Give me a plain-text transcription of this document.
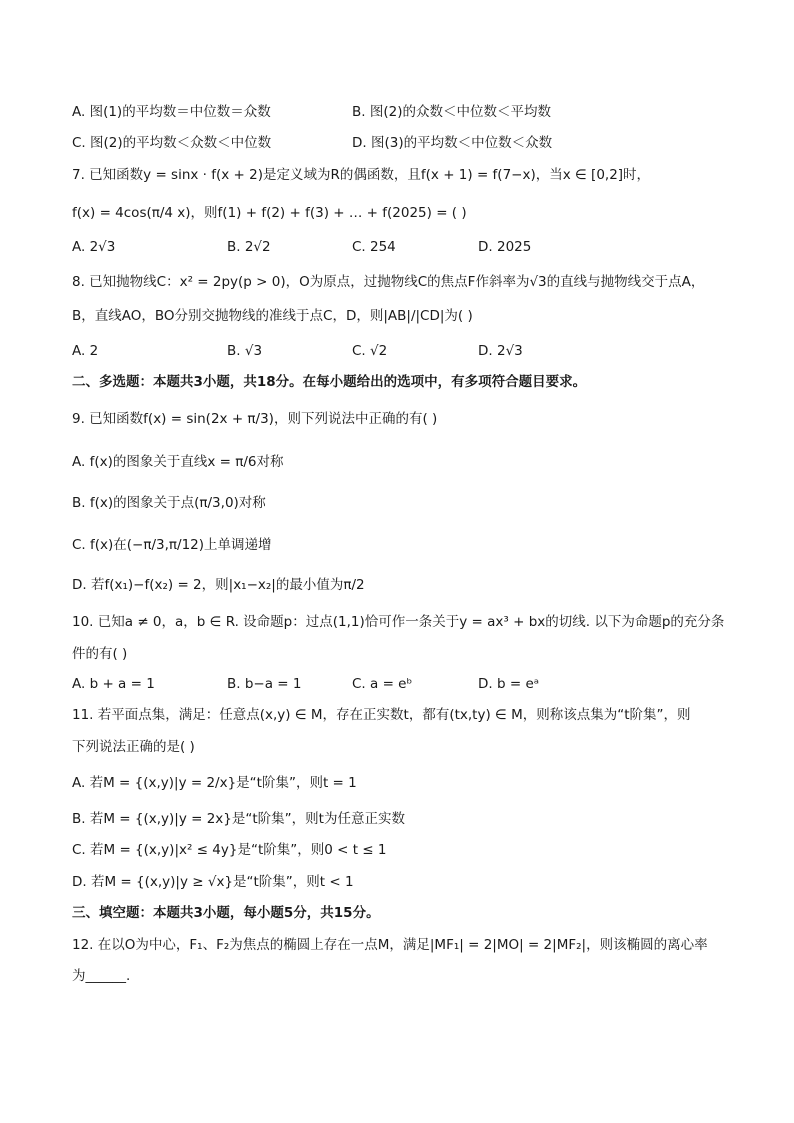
A. 图(1)的平均数＝中位数＝众数	B. 图(2)的众数＜中位数＜平均数
C. 图(2)的平均数＜众数＜中位数	D. 图(3)的平均数＜中位数＜众数
7. 已知函数y = sinx · f(x + 2)是定义域为R的偶函数，且f(x + 1) = f(7−x)，当x ∈ [0,2]时，
f(x) = 4cos(π/4 x)，则f(1) + f(2) + f(3) + … + f(2025) = ( )
A. 2√3	B. 2√2	C. 254	D. 2025
8. 已知抛物线C：x² = 2py(p > 0)，O为原点，过抛物线C的焦点F作斜率为√3的直线与抛物线交于点A，
B，直线AO，BO分别交抛物线的准线于点C，D，则|AB|/|CD|为( )
A. 2	B. √3	C. √2	D. 2√3
二、多选题：本题共3小题，共18分。在每小题给出的选项中，有多项符合题目要求。
9. 已知函数f(x) = sin(2x + π/3)，则下列说法中正确的有( )
A. f(x)的图象关于直线x = π/6对称
B. f(x)的图象关于点(π/3,0)对称
C. f(x)在(−π/3,π/12)上单调递增
D. 若f(x₁)−f(x₂) = 2，则|x₁−x₂|的最小值为π/2
10. 已知a ≠ 0，a，b ∈ R. 设命题p：过点(1,1)恰可作一条关于y = ax³ + bx的切线. 以下为命题p的充分条
件的有( )
A. b + a = 1	B. b−a = 1	C. a = eᵇ	D. b = eᵃ
11. 若平面点集，满足：任意点(x,y) ∈ M，存在正实数t，都有(tx,ty) ∈ M，则称该点集为“t阶集”，则
下列说法正确的是( )
A. 若M = {(x,y)|y = 2/x}是“t阶集”，则t = 1
B. 若M = {(x,y)|y = 2x}是“t阶集”，则t为任意正实数
C. 若M = {(x,y)|x² ≤ 4y}是“t阶集”，则0 < t ≤ 1
D. 若M = {(x,y)|y ≥ √x}是“t阶集”，则t < 1
三、填空题：本题共3小题，每小题5分，共15分。
12. 在以O为中心，F₁、F₂为焦点的椭圆上存在一点M，满足|MF₁| = 2|MO| = 2|MF₂|，则该椭圆的离心率
为______.
